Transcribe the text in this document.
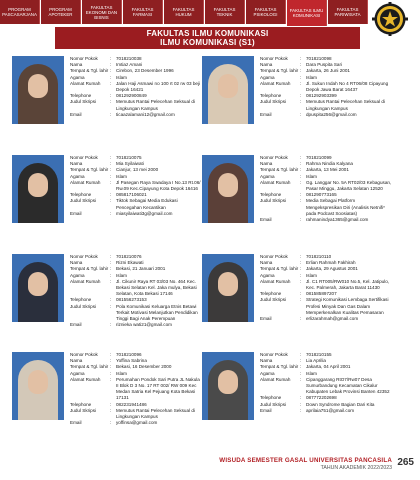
PROGRAM PASCASARJANA
PROGRAM APOTEKER
FAKULTAS EKONOMI DAN BISNIS
FAKULTAS FARMASI
FAKULTAS HUKUM
FAKULTAS TEKNIK
FAKULTAS PSIKOLOGI
FAKULTAS ILMU KOMUNIKASI
FAKULTAS PARIWISATA
FAKULTAS ILMU KOMUNIKASI
ILMU KOMUNIKASI (S1)
Nomor Pokok	:	7018210038
Nama	:	Imtiaz Amani
Tempat & Tgl. lahir :	Cirebon, 23 Desember 1996
Agama	:	Islam
Alamat Rumah	:	Jalan Haji Asmawi no 100 rt 02 rw 03 beji Depok 16421
Telephone	:	081292900849
Judul Skripsi	:	Memutus Rantai Pelecehan Seksual di Lingkungan Kampus
Email	:	ticaazalamani12@gmail.com
Nomor Pokok	:	7018210098
Nama	:	Dara Puspita Sari
Tempat & Tgl. lahir :	Jakarta, 26 Juni 2001
Agama	:	Islam
Alamat Rumah	:	Jl. Sukun Indah No 4 RT06/08 Cipayung Depok Jawa Barat 16437
Telephone	:	081292903399
Judul Skripsi	:	Memutus Rantai Pelecehan Seksual di Lingkungan Kampus
Email	:	dpuspita256@gmail.com
Nomor Pokok	:	7018210075
Nama	:	Mia Syilaiwati
Tempat & Tgl. lahir :	Cianjur, 13 mei 2000
Agama	:	Islam
Alamat Rumah	:	Jl Pasegan Raya Swadaya I No.13 Rt.06/ Rw.09 Kec.Cipayung Kota Depok 16416
Telephone	:	085817106021
Judul Skripsi	:	Tiktok Sebagai Media Edukasi Pencegahan Kecantikan
Email	:	miasyilaiwati3g@gmail.com
Nomor Pokok	:	7018210099
Nama	:	Rahma Nindia Kalyana
Tempat & Tgl. lahir :	Jakarta, 13 Mei 2001
Agama	:	Islam
Alamat Rumah	:	Gg. Langgar No. 5A RT02/03 Kebagusan, Pasar Minggu, Jakarta Selatan 12520
Telephone	:	081290773165
Judul Skripsi	:	Media Sebagai Platform Mengekspresikan Diri (Analisis Netnifi* pada Podcast Soosiatas)
Email	:	rahmanindya1365@gmail.com
Nomor Pokok	:	7018210076
Nama	:	Rizni Ekawati
Tempat & Tgl. lahir :	Bekasi, 21 Januari 2001
Agama	:	Islam
Alamat Rumah	:	Jl. Cikunir Raya RT 03/03 No. 464 Kec. Bekasi Selatan Kel. Jaka mulya, Bekasi Selatan, Kota Bekasi 17146
Telephone	:	081556273153
Judul Skripsi	:	Pola Komunikasi Keluarga Etnis Betawi Terkait Motivasi Melanjutkan Pendidikan Tinggi Bagi Anak Perempuan
Email	:	riznieka wati21@gmail.com
Nomor Pokok	:	7018210110
Nama	:	Erlian Rahmah Fakhirah
Tempat & Tgl. lahir :	Jakarta, 29 Agustus 2001
Agama	:	Islam
Alamat Rumah	:	Jl. C1 RT005/RW010 No.5, Kel. Jatipulo, Kec. Palmerah, Jakarta Barat 11430
Telephone	:	081585897207
Judul Skripsi	:	Strategi Komunikasi Lembaga Sertifikasi Profesi Minyak Dan Gas Dalam Memperkenalkan Kualitas Pemasaran
Email	:	erlizarahmah@gmail.com
Nomor Pokok	:	7018210096
Nama	:	Yoffina Sabrina
Tempat & Tgl. lahir :	Bekasi, 16 Desember 2000
Agama	:	Islam
Alamat Rumah	:	Perumahan Pondok Sari Putra JL Nakula II Blok D 3 No. 17 RT 002/ RW 009 Kec Medan Satria Kel Pejuang Kota Bekasi 17131
Telephone	:	082231941486
Judul Skripsi	:	Memutus Rantai Pelecehan Seksual di Lingkungan Kampus
Email	:	yoffinsa@gmail.com
Nomor Pokok	:	7018210155
Nama	:	Lia Aprilia
Tempat & Tgl. lahir :	Jakarta, 04 April 2001
Agama	:	Islam
Alamat Rumah	:	Cipanggarang RtO7/Rw07 Desa Sumurbandung Kecamatan Cikalur Kabupaten Lebak Provinsi Banten 42352
Telephone	:	087772202698
Judul Skripsi	:	Down Syndrome Bagian Dari Kita
Email	:	aprilaia751@gmail.com
WISUDA SEMESTER GASAL UNIVERSITAS PANCASILA
TAHUN AKADEMIK 2022/2023 265
